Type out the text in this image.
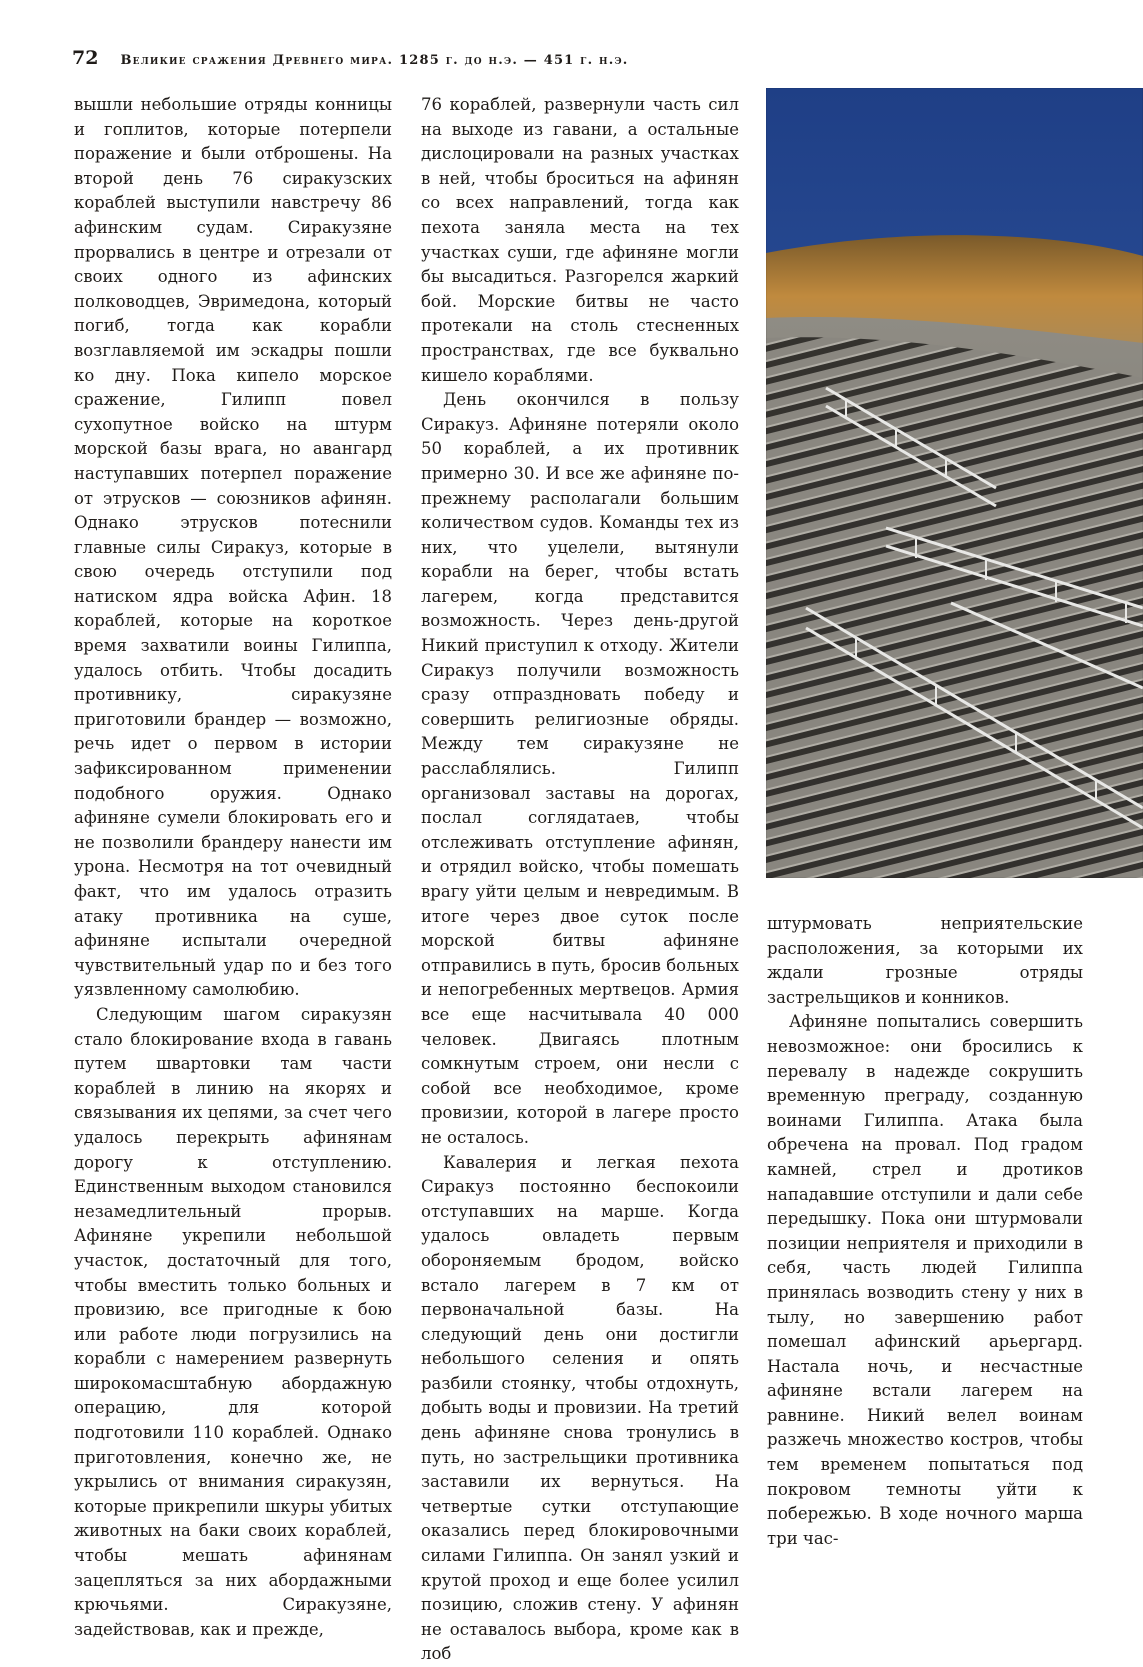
72 Великие сражения Древнего мира. 1285 г. до н.э. — 451 г. н.э.

вышли небольшие отряды конницы и гоплитов, которые потерпели поражение и были отброшены. На второй день 76 сиракузских кораблей выступили навстречу 86 афинским судам. Сиракузяне прорвались в центре и отрезали от своих одного из афинских полководцев, Эвримедона, который погиб, тогда как корабли возглавляемой им эскадры пошли ко дну. Пока кипело морское сражение, Гилипп повел сухопутное войско на штурм морской базы врага, но авангард наступавших потерпел поражение от этрусков — союзников афинян. Однако этрусков потеснили главные силы Сиракуз, которые в свою очередь отступили под натиском ядра войска Афин. 18 кораблей, которые на короткое время захватили воины Гилиппа, удалось отбить. Чтобы досадить противнику, сиракузяне приготовили брандер — возможно, речь идет о первом в истории зафиксированном применении подобного оружия. Однако афиняне сумели блокировать его и не позволили брандеру нанести им урона. Несмотря на тот очевидный факт, что им удалось отразить атаку противника на суше, афиняне испытали очередной чувствительный удар по и без того уязвленному самолюбию.

Следующим шагом сиракузян стало блокирование входа в гавань путем швартовки там части кораблей в линию на якорях и связывания их цепями, за счет чего удалось перекрыть афинянам дорогу к отступлению. Единственным выходом становился незамедлительный прорыв. Афиняне укрепили небольшой участок, достаточный для того, чтобы вместить только больных и провизию, все пригодные к бою или работе люди погрузились на корабли с намерением развернуть широкомасштабную абордажную операцию, для которой подготовили 110 кораблей. Однако приготовления, конечно же, не укрылись от внимания сиракузян, которые прикрепили шкуры убитых животных на баки своих кораблей, чтобы мешать афинянам зацепляться за них абордажными крючьями. Сиракузяне, задействовав, как и прежде,

76 кораблей, развернули часть сил на выходе из гавани, а остальные дислоцировали на разных участках в ней, чтобы броситься на афинян со всех направлений, тогда как пехота заняла места на тех участках суши, где афиняне могли бы высадиться. Разгорелся жаркий бой. Морские битвы не часто протекали на столь стесненных пространствах, где все буквально кишело кораблями.

День окончился в пользу Сиракуз. Афиняне потеряли около 50 кораблей, а их противник примерно 30. И все же афиняне по-прежнему располагали большим количеством судов. Команды тех из них, что уцелели, вытянули корабли на берег, чтобы встать лагерем, когда представится возможность. Через день-другой Никий приступил к отходу. Жители Сиракуз получили возможность сразу отпраздновать победу и совершить религиозные обряды. Между тем сиракузяне не расслаблялись. Гилипп организовал заставы на дорогах, послал соглядатаев, чтобы отслеживать отступление афинян, и отрядил войско, чтобы помешать врагу уйти целым и невредимым. В итоге через двое суток после морской битвы афиняне отправились в путь, бросив больных и непогребенных мертвецов. Армия все еще насчитывала 40 000 человек. Двигаясь плотным сомкнутым строем, они несли с собой все необходимое, кроме провизии, которой в лагере просто не осталось.

Кавалерия и легкая пехота Сиракуз постоянно беспокоили отступавших на марше. Когда удалось овладеть первым обороняемым бродом, войско встало лагерем в 7 км от первоначальной базы. На следующий день они достигли небольшого селения и опять разбили стоянку, чтобы отдохнуть, добыть воды и провизии. На третий день афиняне снова тронулись в путь, но застрельщики противника заставили их вернуться. На четвертые сутки отступающие оказались перед блокировочными силами Гилиппа. Он занял узкий и крутой проход и еще более усилил позицию, сложив стену. У афинян не оставалось выбора, кроме как в лоб

штурмовать неприятельские расположения, за которыми их ждали грозные отряды застрельщиков и конников.

Афиняне попытались совершить невозможное: они бросились к перевалу в надежде сокрушить временную преграду, созданную воинами Гилиппа. Атака была обречена на провал. Под градом камней, стрел и дротиков нападавшие отступили и дали себе передышку. Пока они штурмовали позиции неприятеля и приходили в себя, часть людей Гилиппа принялась возводить стену у них в тылу, но завершению работ помешал афинский арьергард. Настала ночь, и несчастные афиняне встали лагерем на равнине. Никий велел воинам разжечь множество костров, чтобы тем временем попытаться под покровом темноты уйти к побережью. В ходе ночного марша три час-
